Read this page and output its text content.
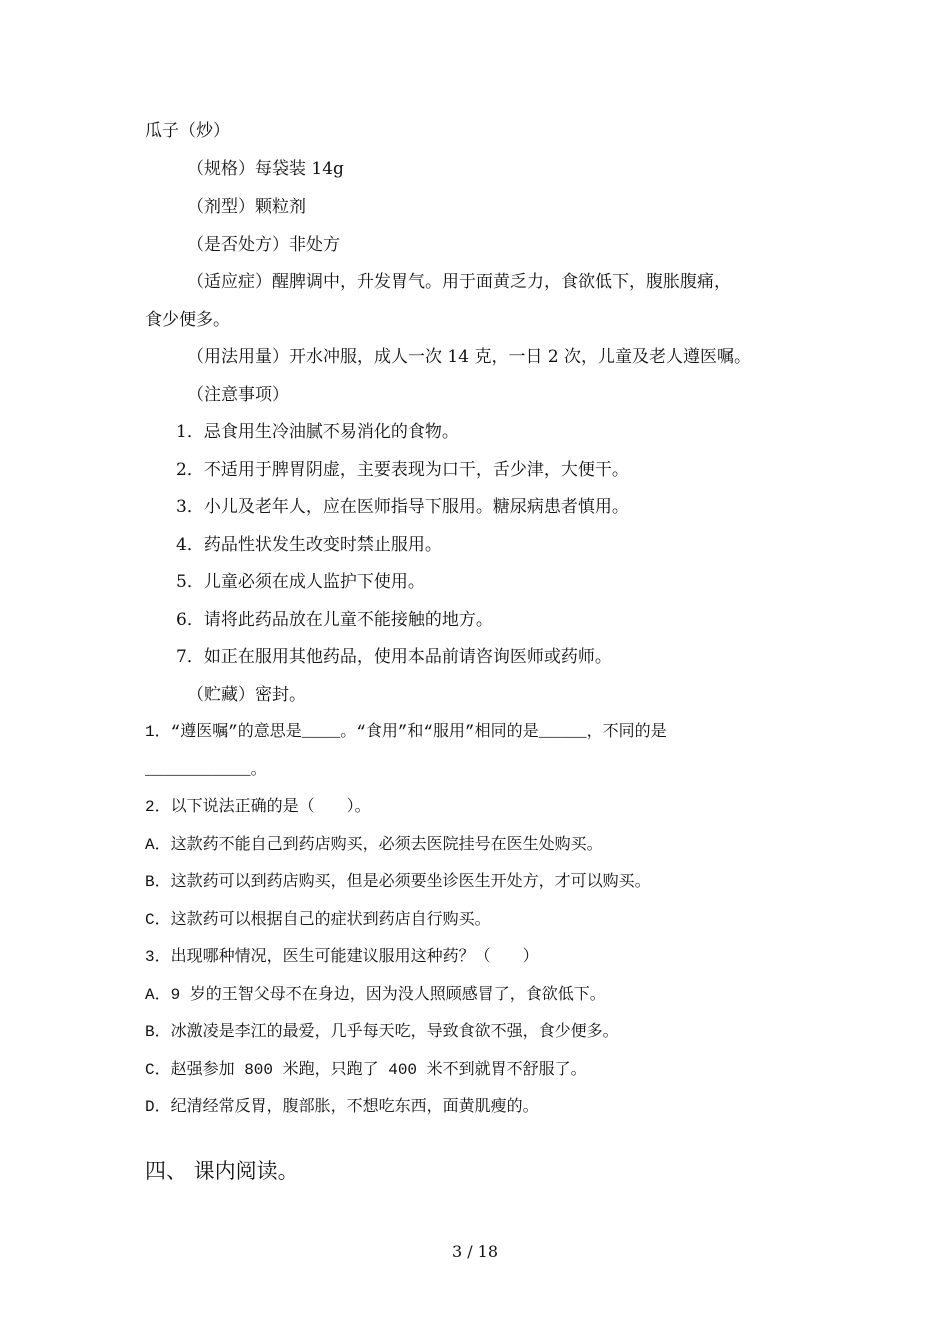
瓜子（炒）
（规格）每袋装 14g
（剂型）颗粒剂
（是否处方）非处方
（适应症）醒脾调中，升发胃气。用于面黄乏力，食欲低下，腹胀腹痛，
食少便多。
（用法用量）开水冲服，成人一次 14 克，一日 2 次，儿童及老人遵医嘱。
（注意事项）
1．忌食用生冷油腻不易消化的食物。
2．不适用于脾胃阴虚，主要表现为口干，舌少津，大便干。
3．小儿及老年人，应在医师指导下服用。糖尿病患者慎用。
4．药品性状发生改变时禁止服用。
5．儿童必须在成人监护下使用。
6．请将此药品放在儿童不能接触的地方。
7．如正在服用其他药品，使用本品前请咨询医师或药师。
（贮藏）密封。
1．“遵医嘱”的意思是____。“食用”和“服用”相同的是_____，不同的是
___________。
2．以下说法正确的是（　　）。
A．这款药不能自己到药店购买，必须去医院挂号在医生处购买。
B．这款药可以到药店购买，但是必须要坐诊医生开处方，才可以购买。
C．这款药可以根据自己的症状到药店自行购买。
3．出现哪种情况，医生可能建议服用这种药？（　　）
A．9 岁的王智父母不在身边，因为没人照顾感冒了，食欲低下。
B．冰激凌是李江的最爱，几乎每天吃，导致食欲不强，食少便多。
C．赵强参加 800 米跑，只跑了 400 米不到就胃不舒服了。
D．纪清经常反胃，腹部胀，不想吃东西，面黄肌瘦的。
四、 课内阅读。
3 / 18
